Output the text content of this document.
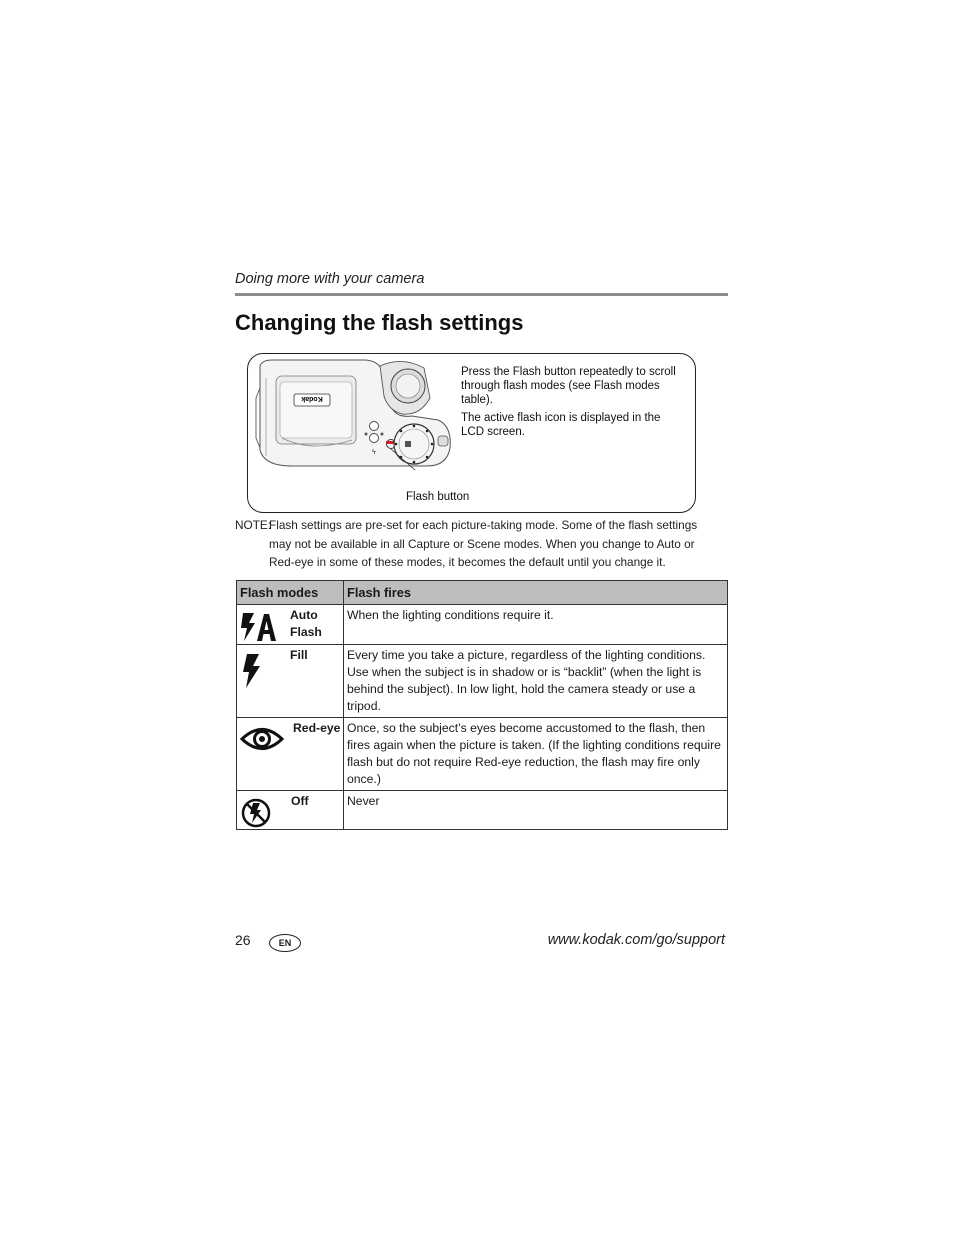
Doing more with your camera
Changing the flash settings
Kodak
ϟ
Press the Flash button repeatedly to scroll through flash modes (see Flash modes table).
The active flash icon is displayed in the LCD screen.
Flash button
NOTE:
Flash settings are pre-set for each picture-taking mode. Some of the flash settings may not be available in all Capture or Scene modes. When you change to Auto or Red-eye in some of these modes, it becomes the default until you change it.
Flash modes	Flash fires

Auto
Flash	When the lighting conditions require it.

Fill	Every time you take a picture, regardless of the lighting conditions. Use when the subject is in shadow or is “backlit” (when the light is behind the subject). In low light, hold the camera steady or use a tripod.

Red-eye	Once, so the subject’s eyes become accustomed to the flash, then fires again when the picture is taken. (If the lighting conditions require flash but do not require Red-eye reduction, the flash may fire only once.)

Off	Never
26	EN	www.kodak.com/go/support
